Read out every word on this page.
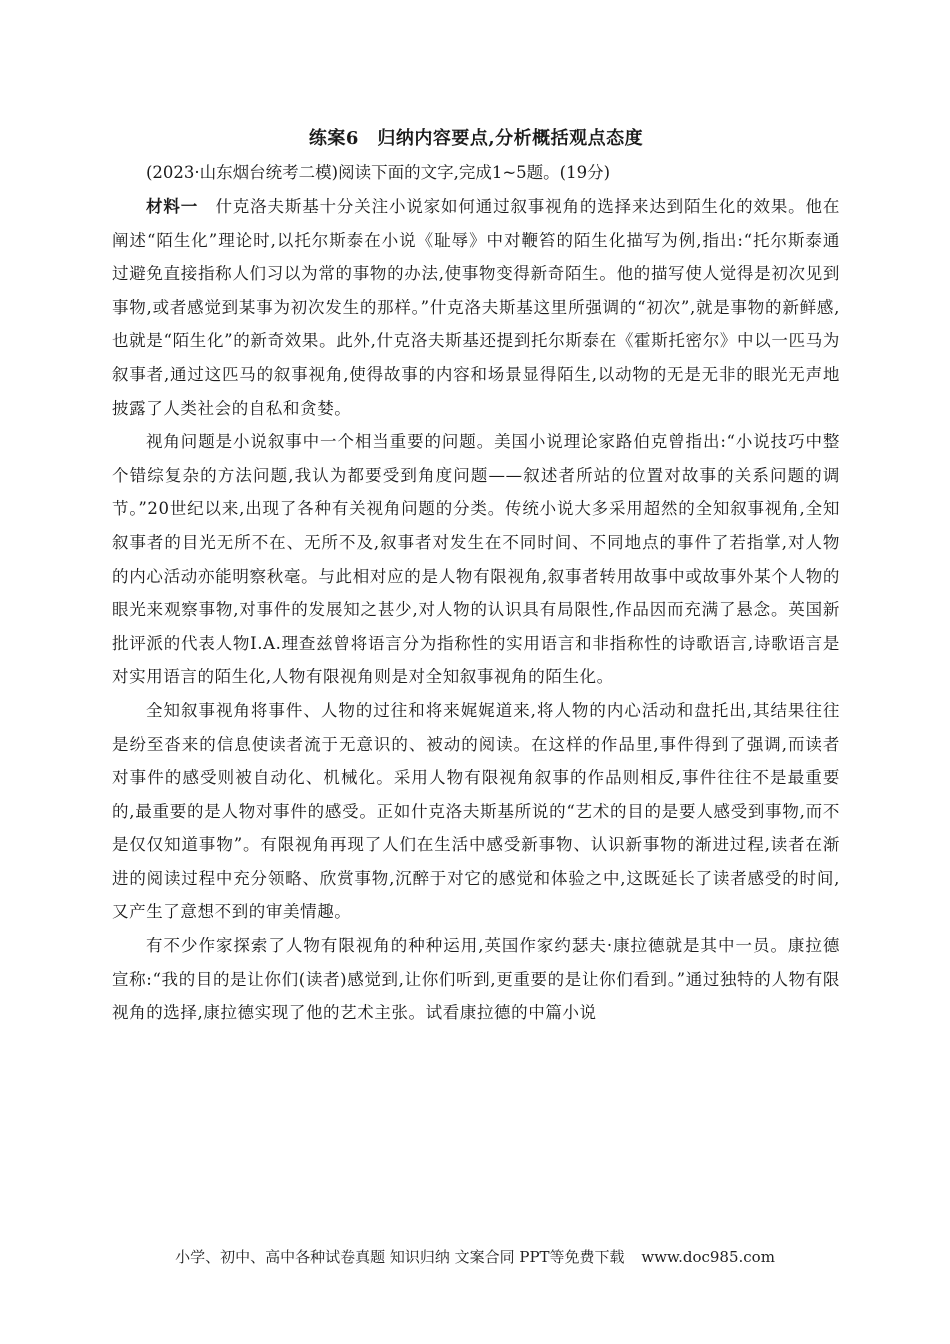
练案6　归纳内容要点,分析概括观点态度

(2023·山东烟台统考二模)阅读下面的文字,完成1~5题。(19分)

材料一　 什克洛夫斯基十分关注小说家如何通过叙事视角的选择来达到陌生化的效果。他在阐述“陌生化”理论时,以托尔斯泰在小说《耻辱》中对鞭笞的陌生化描写为例,指出:“托尔斯泰通过避免直接指称人们习以为常的事物的办法,使事物变得新奇陌生。他的描写使人觉得是初次见到事物,或者感觉到某事为初次发生的那样。”什克洛夫斯基这里所强调的“初次”,就是事物的新鲜感,也就是“陌生化”的新奇效果。此外,什克洛夫斯基还提到托尔斯泰在《霍斯托密尔》中以一匹马为叙事者,通过这匹马的叙事视角,使得故事的内容和场景显得陌生,以动物的无是无非的眼光无声地披露了人类社会的自私和贪婪。

视角问题是小说叙事中一个相当重要的问题。美国小说理论家路伯克曾指出:“小说技巧中整个错综复杂的方法问题,我认为都要受到角度问题——叙述者所站的位置对故事的关系问题的调节。”20世纪以来,出现了各种有关视角问题的分类。传统小说大多采用超然的全知叙事视角,全知叙事者的目光无所不在、无所不及,叙事者对发生在不同时间、不同地点的事件了若指掌,对人物的内心活动亦能明察秋毫。与此相对应的是人物有限视角,叙事者转用故事中或故事外某个人物的眼光来观察事物,对事件的发展知之甚少,对人物的认识具有局限性,作品因而充满了悬念。英国新批评派的代表人物I.A.理查兹曾将语言分为指称性的实用语言和非指称性的诗歌语言,诗歌语言是对实用语言的陌生化,人物有限视角则是对全知叙事视角的陌生化。

全知叙事视角将事件、人物的过往和将来娓娓道来,将人物的内心活动和盘托出,其结果往往是纷至沓来的信息使读者流于无意识的、被动的阅读。在这样的作品里,事件得到了强调,而读者对事件的感受则被自动化、机械化。采用人物有限视角叙事的作品则相反,事件往往不是最重要的,最重要的是人物对事件的感受。正如什克洛夫斯基所说的“艺术的目的是要人感受到事物,而不是仅仅知道事物”。有限视角再现了人们在生活中感受新事物、认识新事物的渐进过程,读者在渐进的阅读过程中充分领略、欣赏事物,沉醉于对它的感觉和体验之中,这既延长了读者感受的时间,又产生了意想不到的审美情趣。

有不少作家探索了人物有限视角的种种运用,英国作家约瑟夫·康拉德就是其中一员。康拉德宣称:“我的目的是让你们(读者)感觉到,让你们听到,更重要的是让你们看到。”通过独特的人物有限视角的选择,康拉德实现了他的艺术主张。试看康拉德的中篇小说

小学、初中、高中各种试卷真题 知识归纳 文案合同 PPT等免费下载 www.doc985.com
